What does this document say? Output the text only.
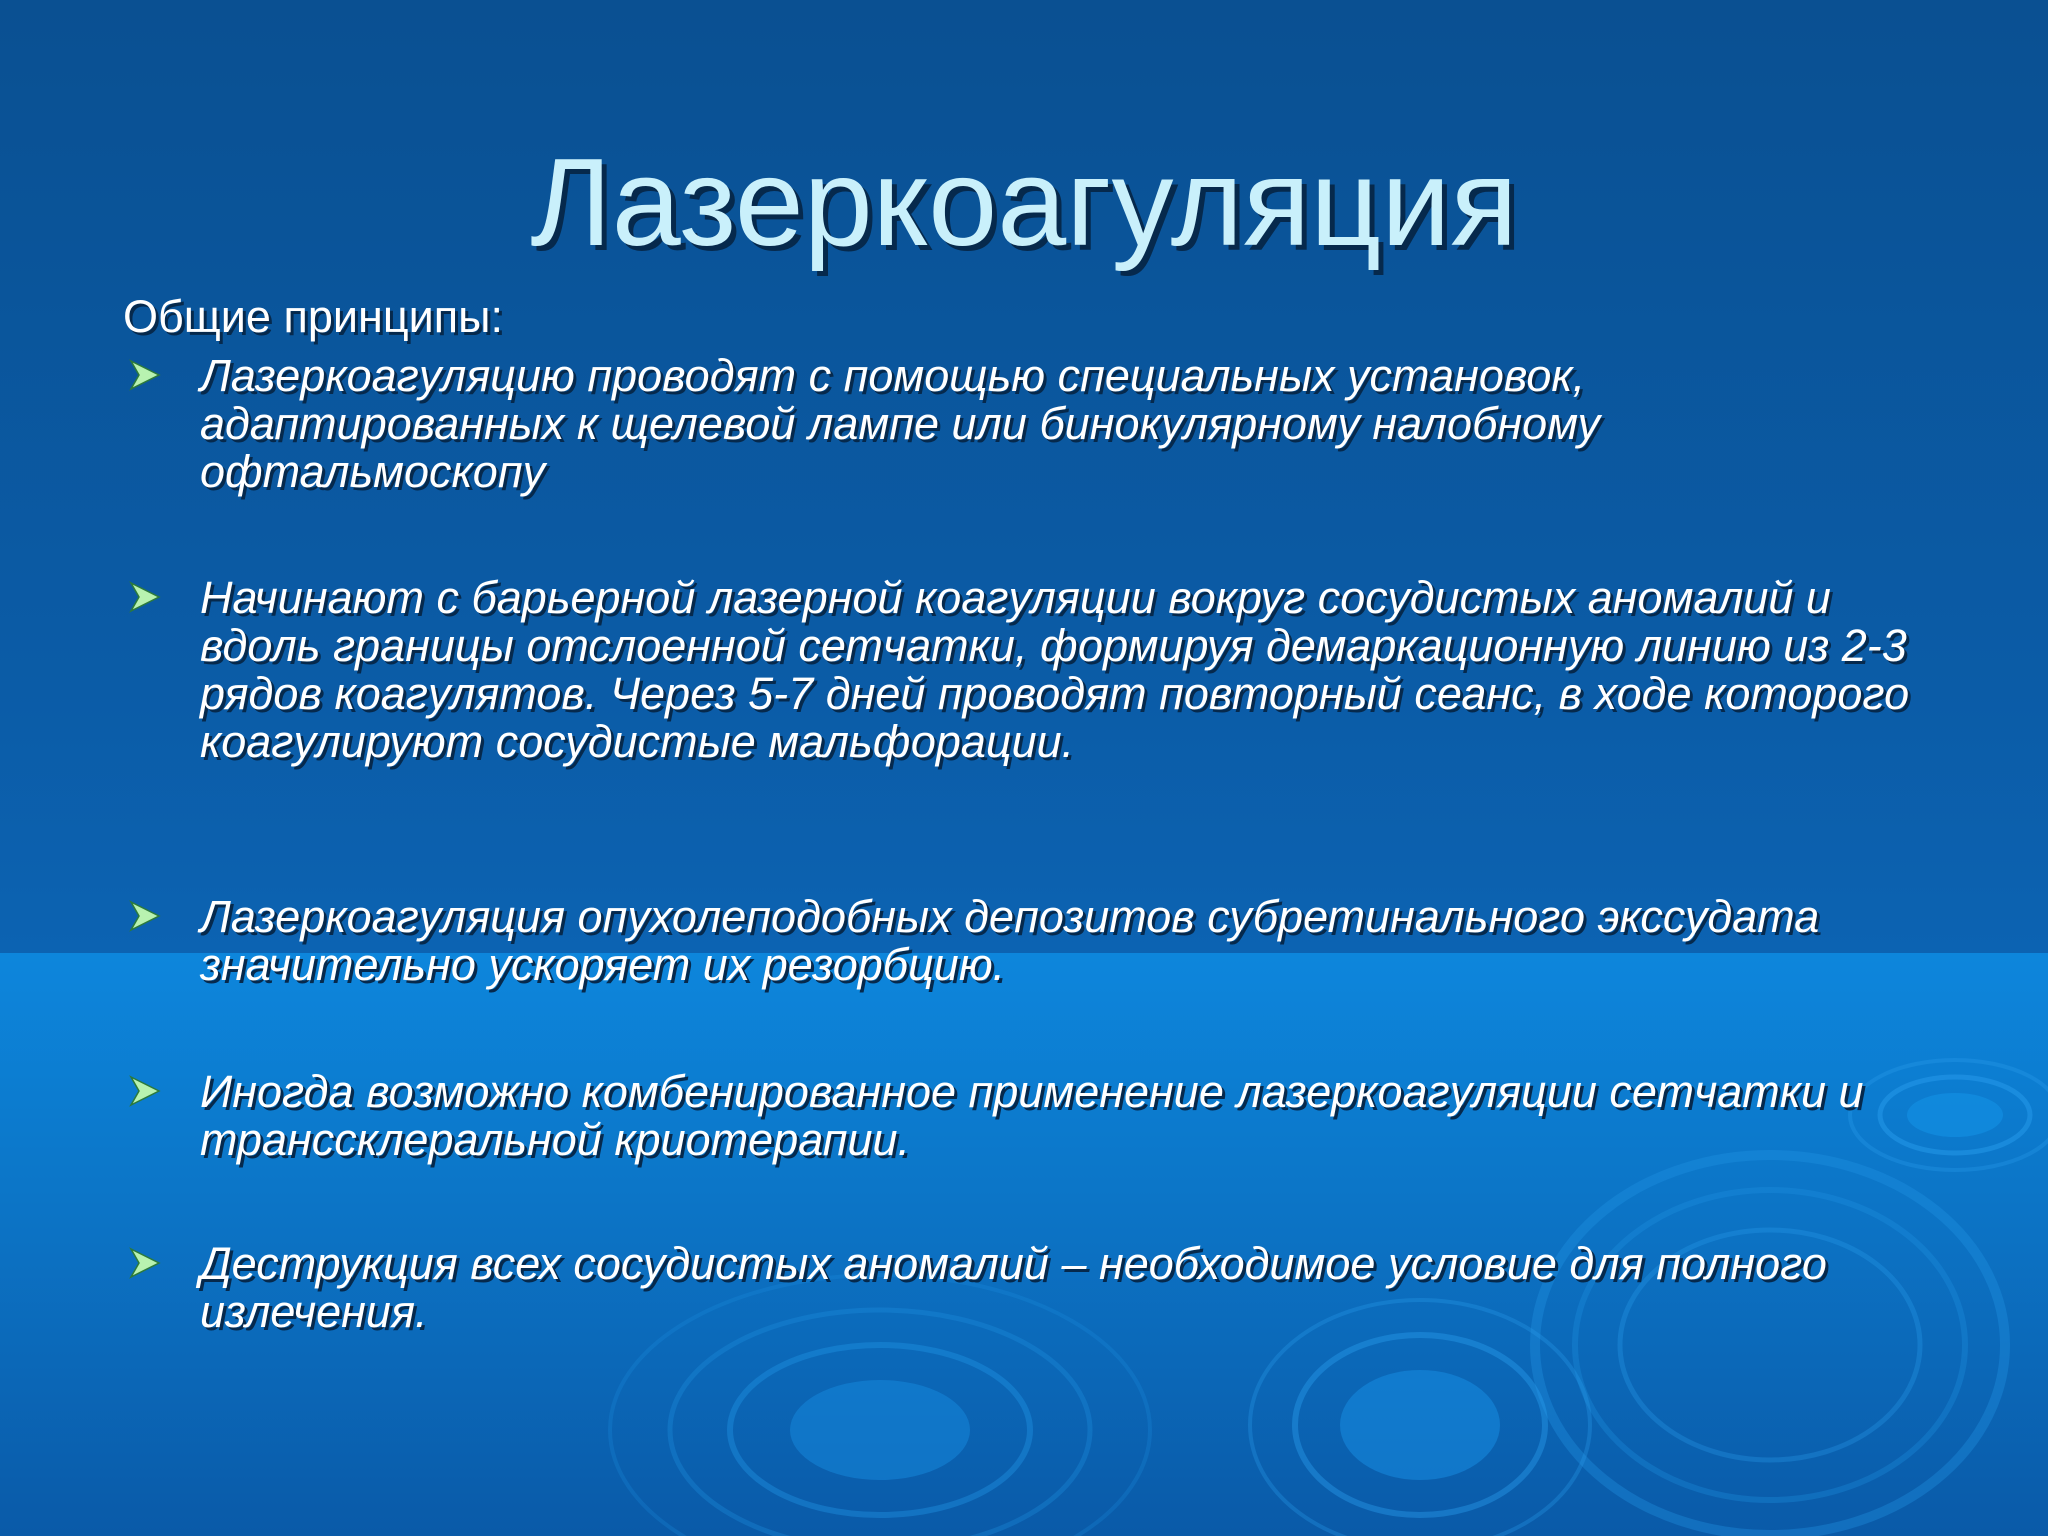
Лазеркоагуляция
Общие принципы:
Лазеркоагуляцию проводят с помощью специальных установок, адаптированных к щелевой лампе или бинокулярному налобному офтальмоскопу
Начинают с барьерной лазерной коагуляции вокруг сосудистых аномалий и вдоль границы отслоенной сетчатки, формируя демаркационную линию из 2-3 рядов коагулятов. Через 5-7 дней проводят повторный сеанс, в ходе которого коагулируют сосудистые мальфорации.
Лазеркоагуляция опухолеподобных депозитов субретинального экссудата значительно ускоряет их резорбцию.
Иногда возможно комбенированное применение лазеркоагуляции сетчатки и транссклеральной криотерапии.
Деструкция всех сосудистых аномалий – необходимое условие для полного излечения.
